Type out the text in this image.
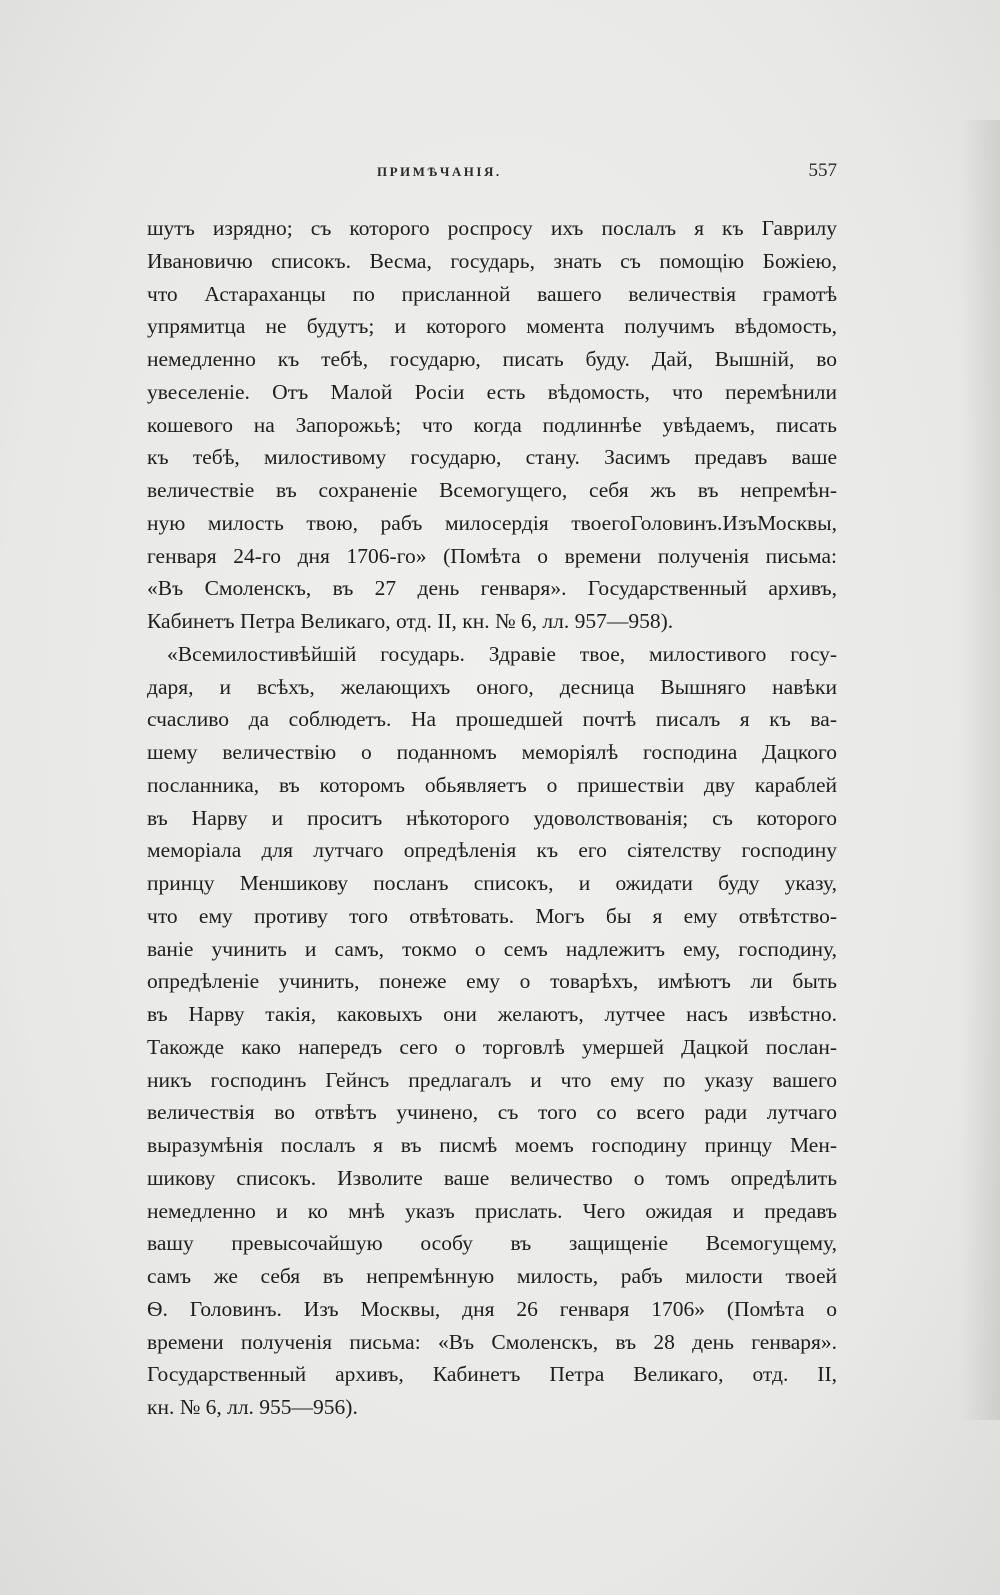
ПРИМѢЧАНІЯ.	557
шутъ изрядно; съ которого роспросу ихъ послалъ я къ Гаврилу
Ивановичю списокъ. Весма, государь, знать съ помощію Божіею,
что Астараханцы по присланной вашего величествія грамотѣ
упрямитца не будутъ; и которого момента получимъ вѣдомость,
немедленно къ тебѣ, государю, писать буду. Дай, Вышній, во
увеселеніе. Отъ Малой Росіи есть вѣдомость, что перемѣнили
кошевого на Запорожьѣ; что когда подлиннѣе увѣдаемъ, писать
къ тебѣ, милостивому государю, стану. Засимъ предавъ ваше
величествіе въ сохраненіе Всемогущего, себя жъ въ непремѣн-
ную милость твою, рабъ милосердія твоегоГоловинъ.ИзъМосквы,
генваря 24-го дня 1706-го» (Помѣта о времени полученія письма:
«Въ Смоленскъ, въ 27 день генваря». Государственный архивъ,
Кабинетъ Петра Великаго, отд. II, кн. № 6, лл. 957—958).
«Всемилостивѣйшій государь. Здравіе твое, милостивого госу-
даря, и всѣхъ, желающихъ оного, десница Вышняго навѣки
счасливо да соблюдетъ. На прошедшей почтѣ писалъ я къ ва-
шему величествію о поданномъ меморіялѣ господина Дацкого
посланника, въ которомъ обьявляетъ о пришествіи дву караблей
въ Нарву и проситъ нѣкоторого удоволствованія; съ которого
меморіала для лутчаго опредѣленія къ его сіятелству господину
принцу Меншикову посланъ списокъ, и ожидати буду указу,
что ему противу того отвѣтовать. Могъ бы я ему отвѣтство-
ваніе учинить и самъ, токмо о семъ надлежитъ ему, господину,
опредѣленіе учинить, понеже ему о товарѣхъ, имѣютъ ли быть
въ Нарву такія, каковыхъ они желаютъ, лутчее насъ извѣстно.
Такожде како напередъ сего о торговлѣ умершей Дацкой послан-
никъ господинъ Гейнсъ предлагалъ и что ему по указу вашего
величествія во отвѣтъ учинено, съ того со всего ради лутчаго
выразумѣнія послалъ я въ писмѣ моемъ господину принцу Мен-
шикову списокъ. Изволите ваше величество о томъ опредѣлить
немедленно и ко мнѣ указъ прислать. Чего ожидая и предавъ
вашу превысочайшую особу въ защищеніе Всемогущему,
самъ же себя въ непремѣнную милость, рабъ милости твоей
Ѳ. Головинъ. Изъ Москвы, дня 26 генваря 1706» (Помѣта о
времени полученія письма: «Въ Смоленскъ, въ 28 день генваря».
Государственный архивъ, Кабинетъ Петра Великаго, отд. II,
кн. № 6, лл. 955—956).
